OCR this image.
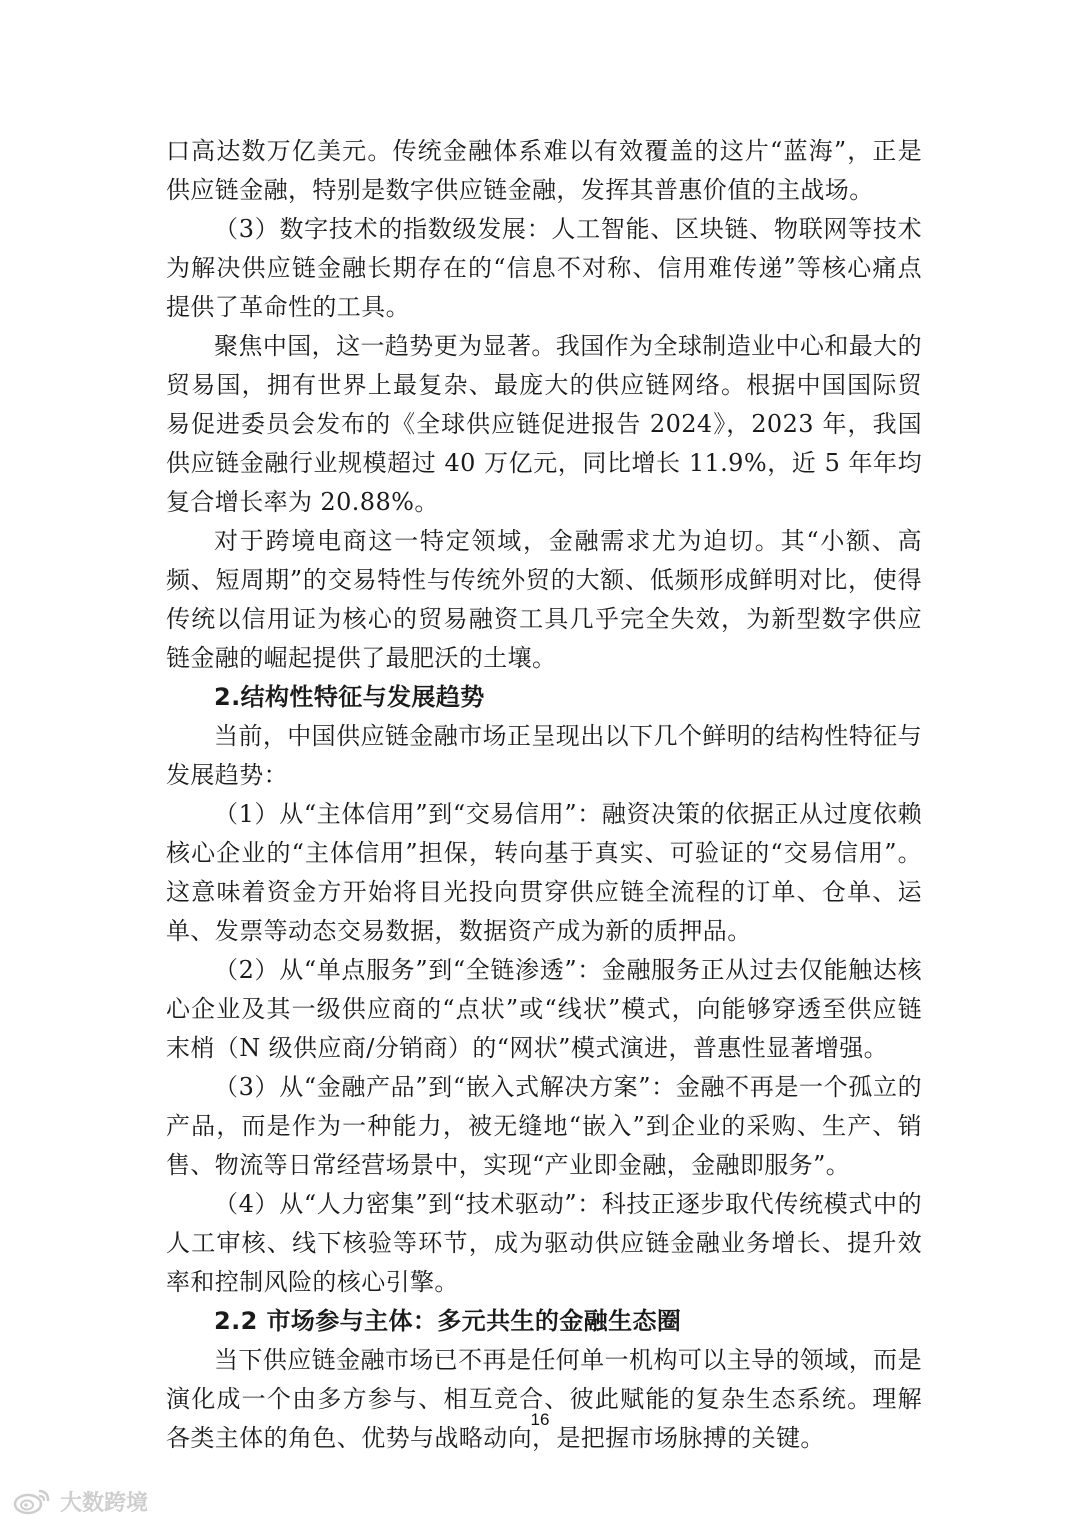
口高达数万亿美元。传统金融体系难以有效覆盖的这片“蓝海”，正是供应链金融，特别是数字供应链金融，发挥其普惠价值的主战场。

（3）数字技术的指数级发展：人工智能、区块链、物联网等技术为解决供应链金融长期存在的“信息不对称、信用难传递”等核心痛点提供了革命性的工具。

聚焦中国，这一趋势更为显著。我国作为全球制造业中心和最大的贸易国，拥有世界上最复杂、最庞大的供应链网络。根据中国国际贸易促进委员会发布的《全球供应链促进报告 2024》，2023 年，我国供应链金融行业规模超过 40 万亿元，同比增长 11.9%，近 5 年年均复合增长率为 20.88%。

对于跨境电商这一特定领域，金融需求尤为迫切。其“小额、高频、短周期”的交易特性与传统外贸的大额、低频形成鲜明对比，使得传统以信用证为核心的贸易融资工具几乎完全失效，为新型数字供应链金融的崛起提供了最肥沃的土壤。

2.结构性特征与发展趋势

当前，中国供应链金融市场正呈现出以下几个鲜明的结构性特征与发展趋势：

（1）从“主体信用”到“交易信用”：融资决策的依据正从过度依赖核心企业的“主体信用”担保，转向基于真实、可验证的“交易信用”。这意味着资金方开始将目光投向贯穿供应链全流程的订单、仓单、运单、发票等动态交易数据，数据资产成为新的质押品。

（2）从“单点服务”到“全链渗透”：金融服务正从过去仅能触达核心企业及其一级供应商的“点状”或“线状”模式，向能够穿透至供应链末梢（N 级供应商/分销商）的“网状”模式演进，普惠性显著增强。

（3）从“金融产品”到“嵌入式解决方案”：金融不再是一个孤立的产品，而是作为一种能力，被无缝地“嵌入”到企业的采购、生产、销售、物流等日常经营场景中，实现“产业即金融，金融即服务”。

（4）从“人力密集”到“技术驱动”：科技正逐步取代传统模式中的人工审核、线下核验等环节，成为驱动供应链金融业务增长、提升效率和控制风险的核心引擎。

2.2 市场参与主体：多元共生的金融生态圈

当下供应链金融市场已不再是任何单一机构可以主导的领域，而是演化成一个由多方参与、相互竞合、彼此赋能的复杂生态系统。理解各类主体的角色、优势与战略动向，是把握市场脉搏的关键。

16
大数跨境
